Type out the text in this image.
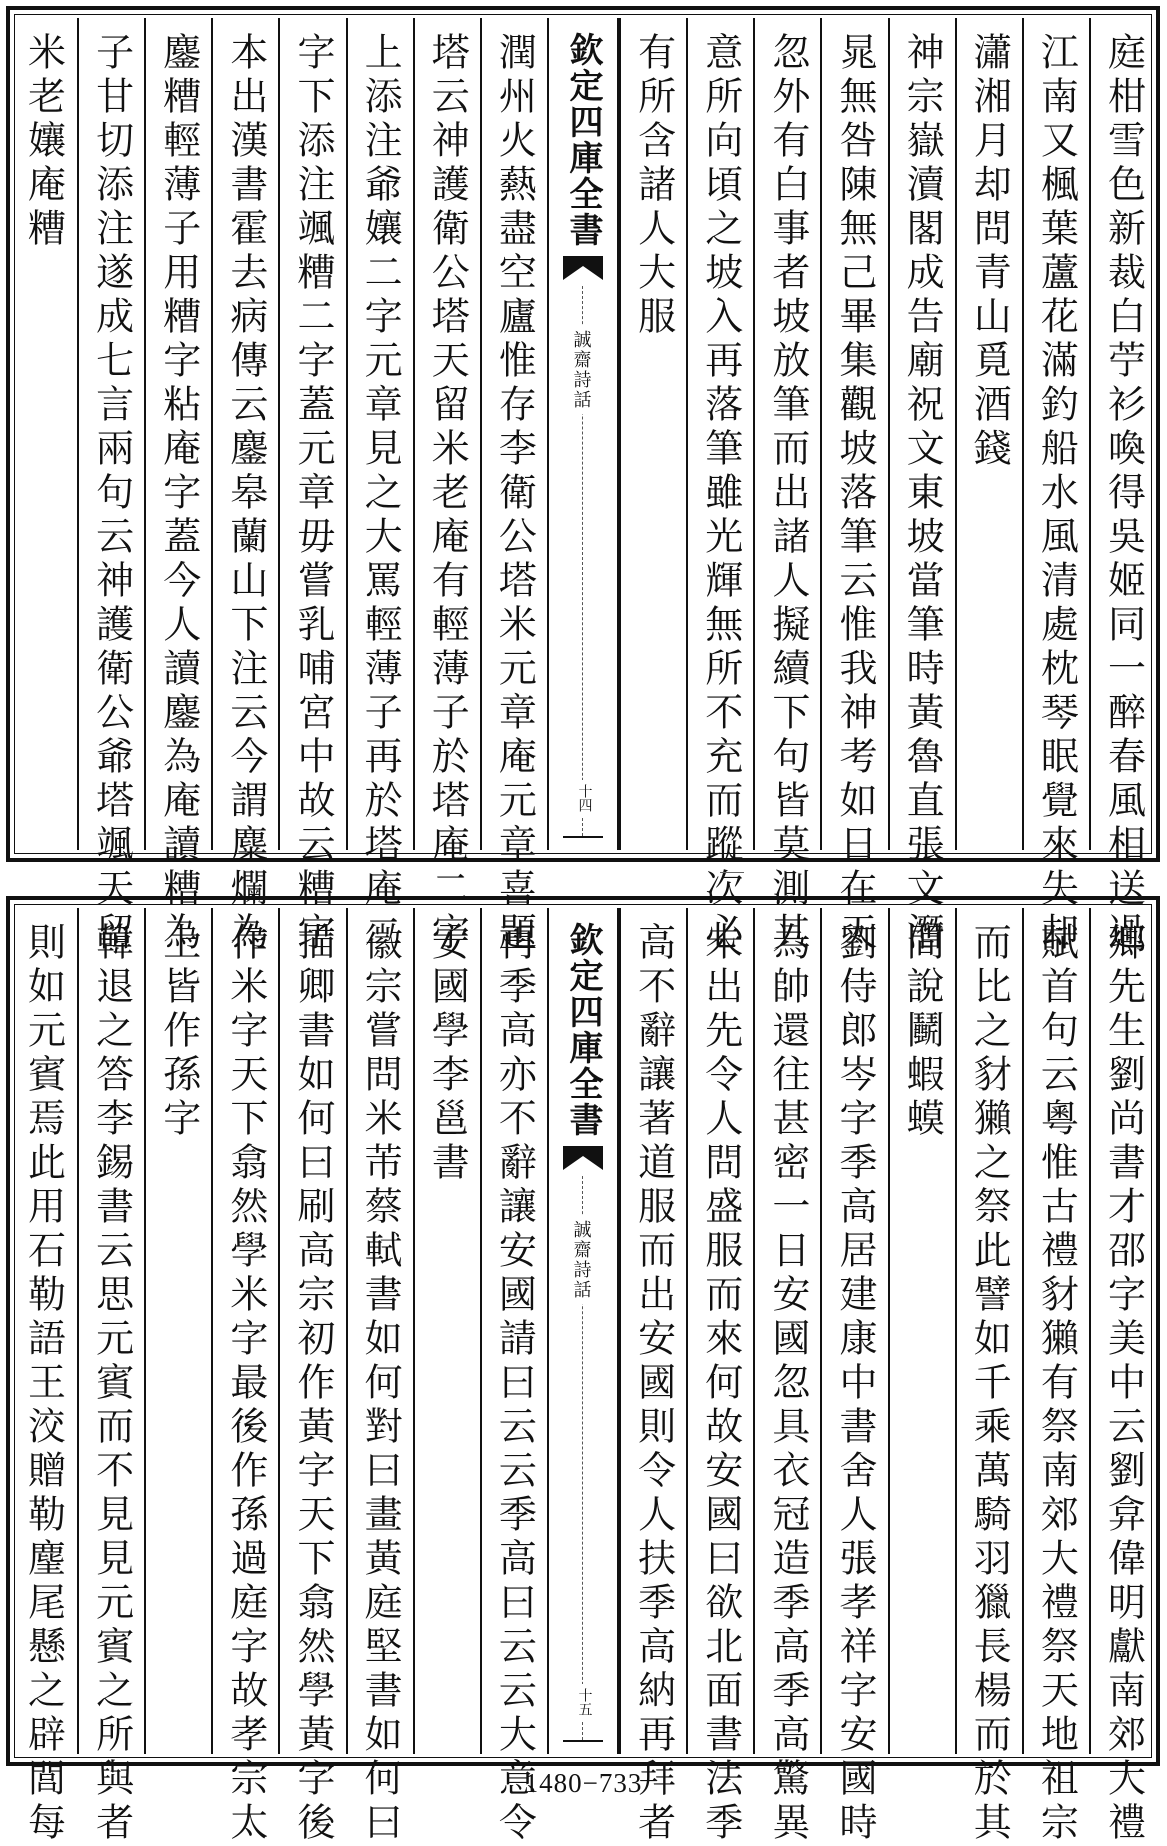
庭柑雪色新裁白苧衫喚得吳姬同一醉春風相送過
江南又楓葉蘆花滿釣船水風清處枕琴眠覺來失却
瀟湘月却問青山覓酒錢
神宗嶽瀆閣成告廟祝文東坡當筆時黃魯直張文潛
晁無咎陳無己畢集觀坡落筆云惟我神考如日在天
忽外有白事者坡放筆而出諸人擬續下句皆莫測其
意所向頃之坡入再落筆雖光輝無所不充而蹤次必
有所含諸人大服
欽定四庫全書
誠齋詩話
十四
潤州火爇盡空廬惟存李衛公塔米元章庵元章喜題
塔云神護衛公塔天留米老庵有輕薄子於塔庵二字
上添注爺孃二字元章見之大罵輕薄子再於塔庵二
字下添注颯糟二字蓋元章毋嘗乳哺宮中故云糟字
本出漢書霍去病傳云鏖皋蘭山下注云今謂麋爛為
鏖糟輕薄子用糟字粘庵字蓋今人讀鏖為庵讀糟為
子甘切添注遂成七言兩句云神護衛公爺塔颯天留
米老孃庵糟
鄉先生劉尚書才邵字美中云劉弇偉明獻南郊大禮
賦首句云粵惟古禮豺獺有祭南郊大禮祭天地祖宗
而比之豺獺之祭此譬如千乘萬騎羽獵長楊而於其
間說鬭蝦蟆
劉侍郎岑字季高居建康中書舍人張孝祥字安國時
為帥還往甚密一日安國忽具衣冠造季高季高驚異
未出先令人問盛服而來何故安國曰欲北面書法季
高不辭讓著道服而出安國則令人扶季高納再拜者
欽定四庫全書
誠齋詩話
十五
再季高亦不辭讓安國請曰云云季高曰云云大意令
安國學李邕書
徽宗嘗問米芾蔡軾書如何對曰畫黃庭堅書如何曰
描卿書如何曰刷高宗初作黃字天下翕然學黃字後
作米字天下翕然學米字最後作孫過庭字故孝宗太
上皆作孫字
韓退之答李錫書云思元賓而不見見元賓之所與者
則如元賓焉此用石勒語王洨贈勒麈尾懸之辟閭每	1480−733
